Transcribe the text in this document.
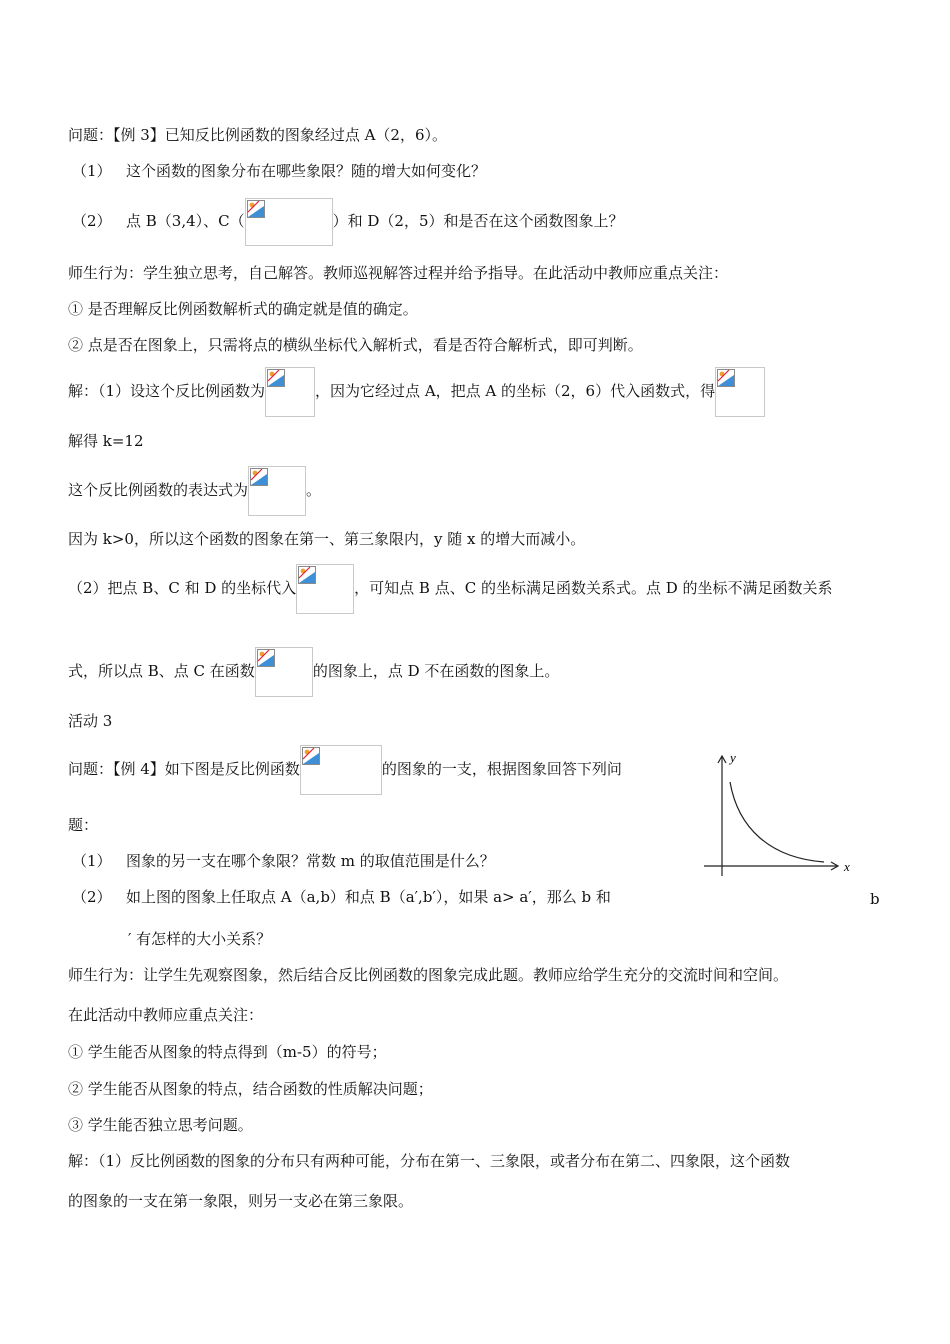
问题：【例 3】已知反比例函数的图象经过点 A（2，6）。
（1） 这个函数的图象分布在哪些象限？随的增大如何变化？
（2） 点 B（3,4）、C（	）和 D（2，5）和是否在这个函数图象上？
师生行为：学生独立思考，自己解答。教师巡视解答过程并给予指导。在此活动中教师应重点关注：
① 是否理解反比例函数解析式的确定就是值的确定。
② 点是否在图象上，只需将点的横纵坐标代入解析式，看是否符合解析式，即可判断。
解：（1）设这个反比例函数为	，因为它经过点 A，把点 A 的坐标（2，6）代入函数式，得
解得 k=12
这个反比例函数的表达式为	。
因为 k>0，所以这个函数的图象在第一、第三象限内，y 随 x 的增大而减小。
（2）把点 B、C 和 D 的坐标代入	，可知点 B 点、C 的坐标满足函数关系式。点 D 的坐标不满足函数关系
式，所以点 B、点 C 在函数	的图象上，点 D 不在函数的图象上。
活动 3
问题：【例 4】如下图是反比例函数	的图象的一支，根据图象回答下列问
题：
（1） 图象的另一支在哪个象限？常数 m 的取值范围是什么？
（2） 如上图的图象上任取点 A（a,b）和点 B（a′,b′），如果 a> a′，那么 b 和	b
′ 有怎样的大小关系？
y
x
师生行为：让学生先观察图象，然后结合反比例函数的图象完成此题。教师应给学生充分的交流时间和空间。
在此活动中教师应重点关注：
① 学生能否从图象的特点得到（m-5）的符号；
② 学生能否从图象的特点，结合函数的性质解决问题；
③ 学生能否独立思考问题。
解：（1）反比例函数的图象的分布只有两种可能，分布在第一、三象限，或者分布在第二、四象限，这个函数
的图象的一支在第一象限，则另一支必在第三象限。
